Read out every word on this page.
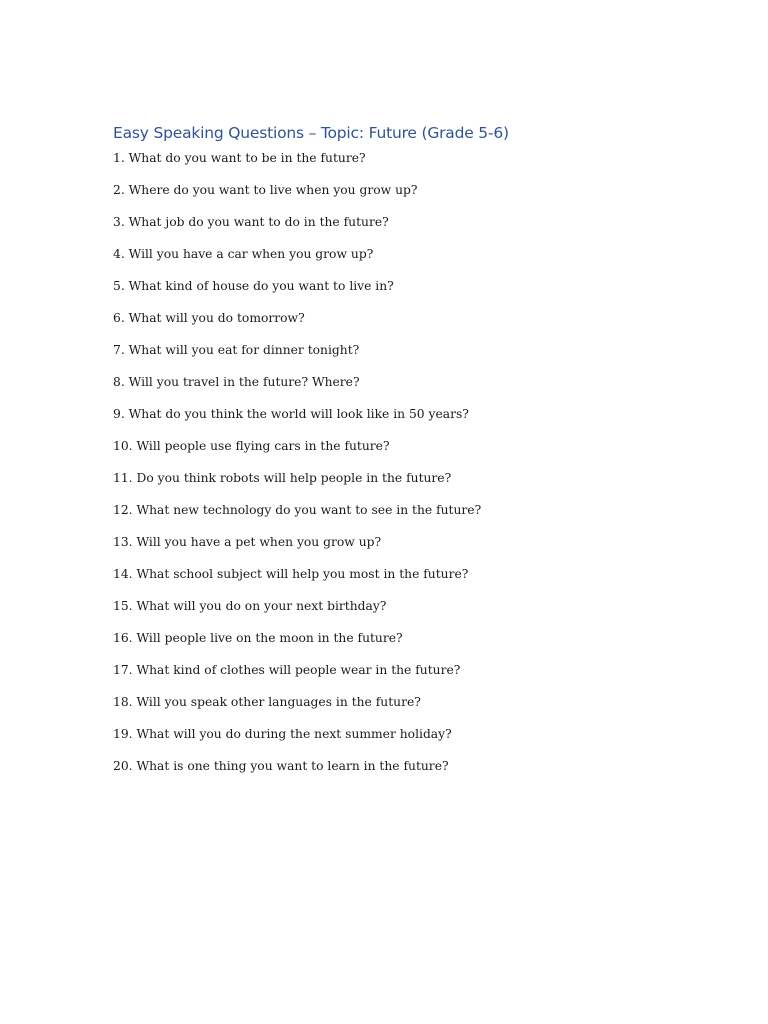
Easy Speaking Questions – Topic: Future (Grade 5-6)
1. What do you want to be in the future?
2. Where do you want to live when you grow up?
3. What job do you want to do in the future?
4. Will you have a car when you grow up?
5. What kind of house do you want to live in?
6. What will you do tomorrow?
7. What will you eat for dinner tonight?
8. Will you travel in the future? Where?
9. What do you think the world will look like in 50 years?
10. Will people use flying cars in the future?
11. Do you think robots will help people in the future?
12. What new technology do you want to see in the future?
13. Will you have a pet when you grow up?
14. What school subject will help you most in the future?
15. What will you do on your next birthday?
16. Will people live on the moon in the future?
17. What kind of clothes will people wear in the future?
18. Will you speak other languages in the future?
19. What will you do during the next summer holiday?
20. What is one thing you want to learn in the future?
